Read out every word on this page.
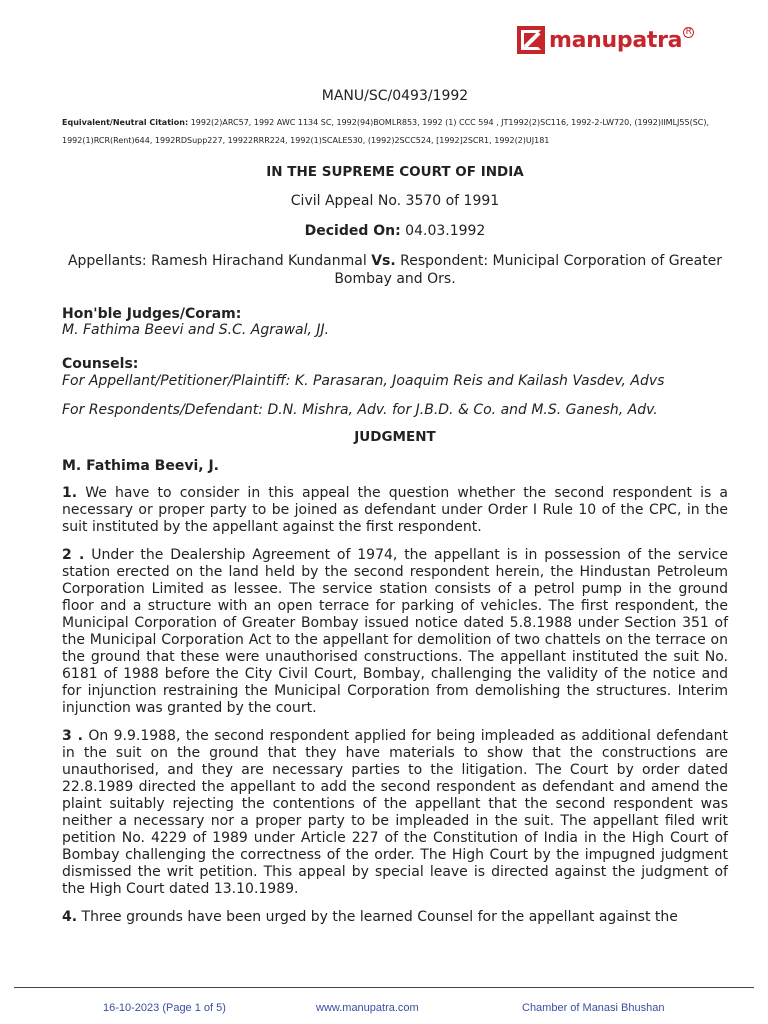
manupatra R
MANU/SC/0493/1992
Equivalent/Neutral Citation: 1992(2)ARC57, 1992 AWC 1134 SC, 1992(94)BOMLR853, 1992 (1) CCC 594 , JT1992(2)SC116, 1992-2-LW720, (1992)IIMLJ55(SC), 1992(1)RCR(Rent)644, 1992RDSupp227, 19922RRR224, 1992(1)SCALE530, (1992)2SCC524, [1992]2SCR1, 1992(2)UJ181
IN THE SUPREME COURT OF INDIA
Civil Appeal No. 3570 of 1991
Decided On: 04.03.1992
Appellants: Ramesh Hirachand Kundanmal Vs. Respondent: Municipal Corporation of Greater Bombay and Ors.
Hon'ble Judges/Coram:
M. Fathima Beevi and S.C. Agrawal, JJ.
Counsels:
For Appellant/Petitioner/Plaintiff: K. Parasaran, Joaquim Reis and Kailash Vasdev, Advs
For Respondents/Defendant: D.N. Mishra, Adv. for J.B.D. & Co. and M.S. Ganesh, Adv.
JUDGMENT
M. Fathima Beevi, J.
1. We have to consider in this appeal the question whether the second respondent is a necessary or proper party to be joined as defendant under Order I Rule 10 of the CPC, in the suit instituted by the appellant against the first respondent.
2 . Under the Dealership Agreement of 1974, the appellant is in possession of the service station erected on the land held by the second respondent herein, the Hindustan Petroleum Corporation Limited as lessee. The service station consists of a petrol pump in the ground floor and a structure with an open terrace for parking of vehicles. The first respondent, the Municipal Corporation of Greater Bombay issued notice dated 5.8.1988 under Section 351 of the Municipal Corporation Act to the appellant for demolition of two chattels on the terrace on the ground that these were unauthorised constructions. The appellant instituted the suit No. 6181 of 1988 before the City Civil Court, Bombay, challenging the validity of the notice and for injunction restraining the Municipal Corporation from demolishing the structures. Interim injunction was granted by the court.
3 . On 9.9.1988, the second respondent applied for being impleaded as additional defendant in the suit on the ground that they have materials to show that the constructions are unauthorised, and they are necessary parties to the litigation. The Court by order dated 22.8.1989 directed the appellant to add the second respondent as defendant and amend the plaint suitably rejecting the contentions of the appellant that the second respondent was neither a necessary nor a proper party to be impleaded in the suit. The appellant filed writ petition No. 4229 of 1989 under Article 227 of the Constitution of India in the High Court of Bombay challenging the correctness of the order. The High Court by the impugned judgment dismissed the writ petition. This appeal by special leave is directed against the judgment of the High Court dated 13.10.1989.
4. Three grounds have been urged by the learned Counsel for the appellant against the
16-10-2023 (Page 1 of 5)	www.manupatra.com	Chamber of Manasi Bhushan
